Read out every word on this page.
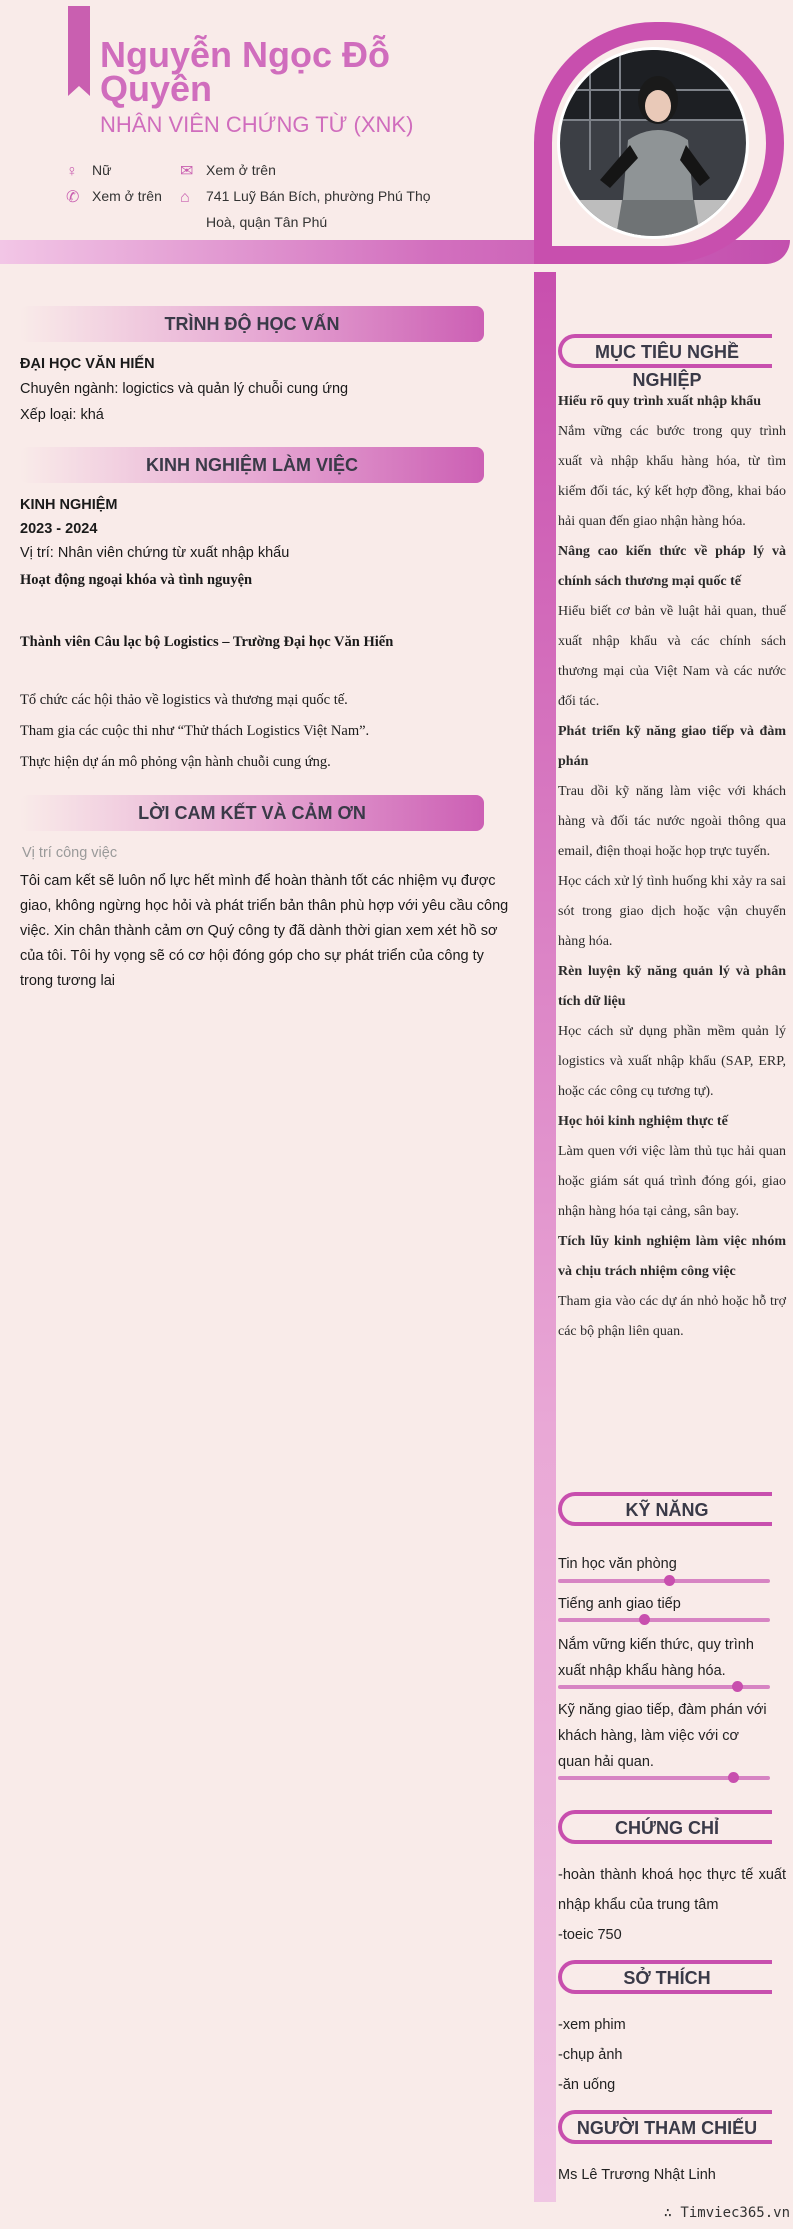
Nguyễn Ngọc Đỗ Quyên
NHÂN VIÊN CHỨNG TỪ (XNK)
♀ Nữ
✆ Xem ở trên
✉ Xem ở trên
⌂ 741 Luỹ Bán Bích, phường Phú Thọ Hoà, quận Tân Phú
TRÌNH ĐỘ HỌC VẤN
ĐẠI HỌC VĂN HIẾN
Chuyên ngành: logictics và quản lý chuỗi cung ứng
Xếp loại: khá
KINH NGHIỆM LÀM VIỆC
KINH NGHIỆM
2023 - 2024
Vị trí: Nhân viên chứng từ xuất nhập khẩu
Hoạt động ngoại khóa và tình nguyện
Thành viên Câu lạc bộ Logistics – Trường Đại học Văn Hiến
Tổ chức các hội thảo về logistics và thương mại quốc tế.
Tham gia các cuộc thi như “Thử thách Logistics Việt Nam”.
Thực hiện dự án mô phỏng vận hành chuỗi cung ứng.
LỜI CAM KẾT VÀ CẢM ƠN
Vị trí công việc
Tôi cam kết sẽ luôn nổ lực hết mình để hoàn thành tốt các nhiệm vụ được giao, không ngừng học hỏi và phát triển bản thân phù hợp với yêu cầu công việc. Xin chân thành cảm ơn Quý công ty đã dành thời gian xem xét hồ sơ của tôi. Tôi hy vọng sẽ có cơ hội đóng góp cho sự phát triển của công ty trong tương lai
MỤC TIÊU NGHỀ NGHIỆP

Hiểu rõ quy trình xuất nhập khẩu

Nắm vững các bước trong quy trình xuất và nhập khẩu hàng hóa, từ tìm kiếm đối tác, ký kết hợp đồng, khai báo hải quan đến giao nhận hàng hóa.

Nâng cao kiến thức về pháp lý và chính sách thương mại quốc tế

Hiểu biết cơ bản về luật hải quan, thuế xuất nhập khẩu và các chính sách thương mại của Việt Nam và các nước đối tác.

Phát triển kỹ năng giao tiếp và đàm phán

Trau dồi kỹ năng làm việc với khách hàng và đối tác nước ngoài thông qua email, điện thoại hoặc họp trực tuyến.

Học cách xử lý tình huống khi xảy ra sai sót trong giao dịch hoặc vận chuyển hàng hóa.

Rèn luyện kỹ năng quản lý và phân tích dữ liệu

Học cách sử dụng phần mềm quản lý logistics và xuất nhập khẩu (SAP, ERP, hoặc các công cụ tương tự).

Học hỏi kinh nghiệm thực tế

Làm quen với việc làm thủ tục hải quan hoặc giám sát quá trình đóng gói, giao nhận hàng hóa tại cảng, sân bay.

Tích lũy kinh nghiệm làm việc nhóm và chịu trách nhiệm công việc

Tham gia vào các dự án nhỏ hoặc hỗ trợ các bộ phận liên quan.

KỸ NĂNG
Tin học văn phòng
Tiếng anh giao tiếp
Nắm vững kiến thức, quy trình xuất nhập khẩu hàng hóa.
Kỹ năng giao tiếp, đàm phán với khách hàng, làm việc với cơ quan hải quan.
CHỨNG CHỈ
-hoàn thành khoá học thực tế xuất nhập khẩu của trung tâm
-toeic 750
SỞ THÍCH
-xem phim
-chụp ảnh
-ăn uống
NGƯỜI THAM CHIẾU
Ms Lê Trương Nhật Linh
∴ Timviec365.vn
